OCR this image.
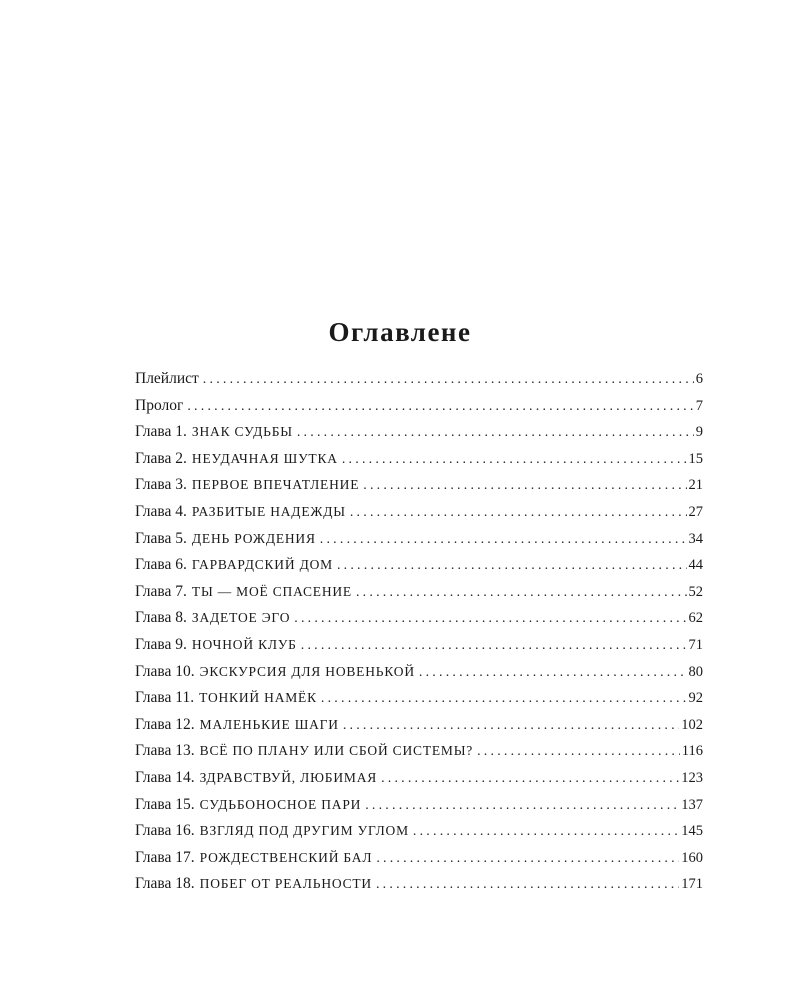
Оглавлене
Плейлист .....	6
Пролог .....	7
Глава 1. ЗНАК СУДЬБЫ .....	9
Глава 2. НЕУДАЧНАЯ ШУТКА .....	15
Глава 3. ПЕРВОЕ ВПЕЧАТЛЕНИЕ .....	21
Глава 4. РАЗБИТЫЕ НАДЕЖДЫ .....	27
Глава 5. ДЕНЬ РОЖДЕНИЯ .....	34
Глава 6. ГАРВАРДСКИЙ ДОМ .....	44
Глава 7. ТЫ — МОЁ СПАСЕНИЕ .....	52
Глава 8. ЗАДЕТОЕ ЭГО .....	62
Глава 9. НОЧНОЙ КЛУБ .....	71
Глава 10. ЭКСКУРСИЯ ДЛЯ НОВЕНЬКОЙ .....	80
Глава 11. ТОНКИЙ НАМЁК .....	92
Глава 12. МАЛЕНЬКИЕ ШАГИ .....	102
Глава 13. ВСЁ ПО ПЛАНУ ИЛИ СБОЙ СИСТЕМЫ? .....	116
Глава 14. ЗДРАВСТВУЙ, ЛЮБИМАЯ .....	123
Глава 15. СУДЬБОНОСНОЕ ПАРИ .....	137
Глава 16. ВЗГЛЯД ПОД ДРУГИМ УГЛОМ .....	145
Глава 17. РОЖДЕСТВЕНСКИЙ БАЛ .....	160
Глава 18. ПОБЕГ ОТ РЕАЛЬНОСТИ .....	171
